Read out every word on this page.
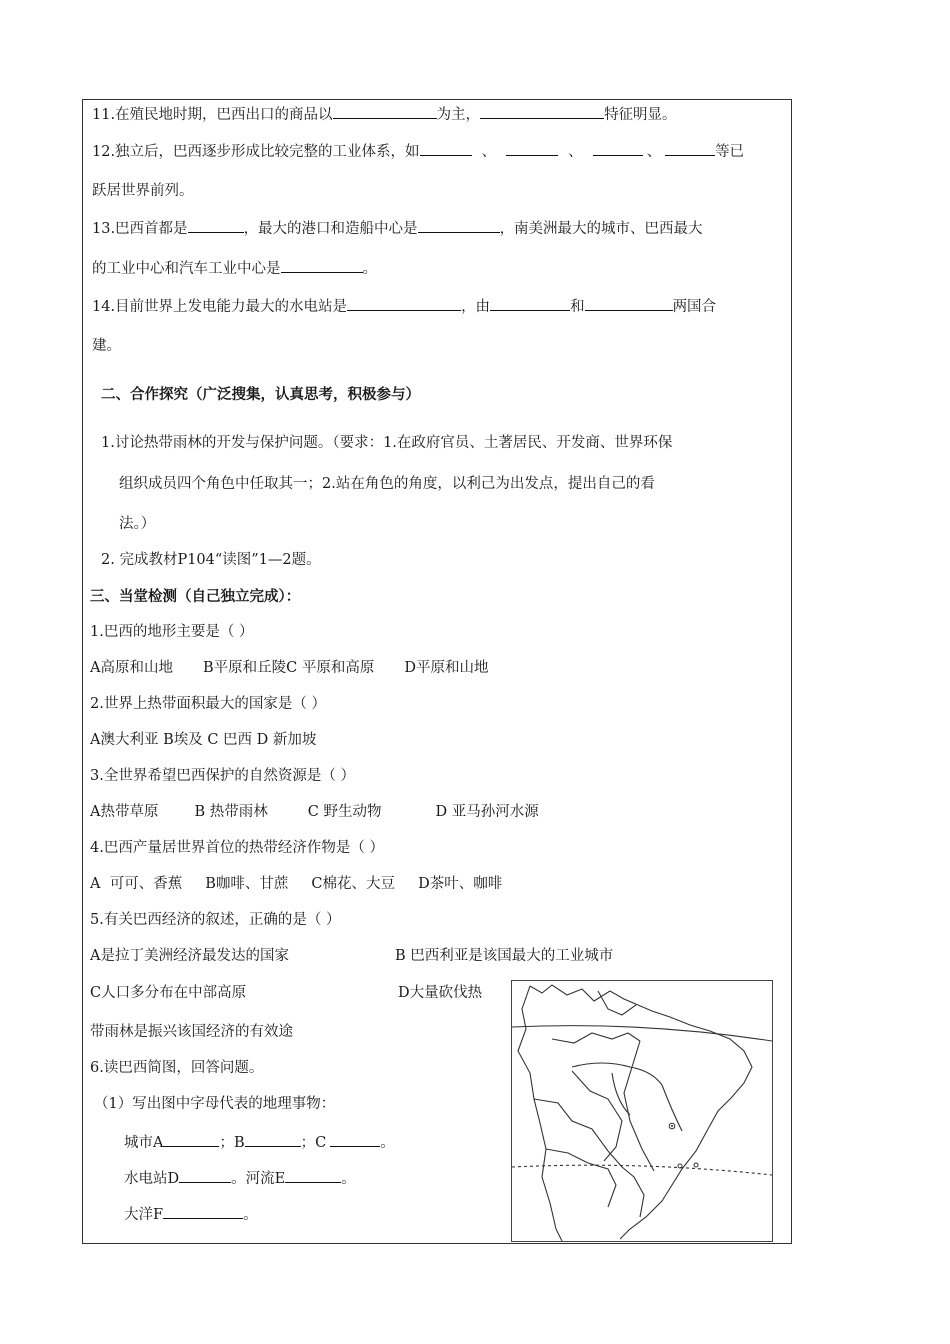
11.在殖民地时期，巴西出口的商品以	为主，	特征明显。
12.独立后，巴西逐步形成比较完整的工业体系，如	、	、	、	等已
跃居世界前列。
13.巴西首都是	，最大的港口和造船中心是	，南美洲最大的城市、巴西最大
的工业中心和汽车工业中心是	。
14.目前世界上发电能力最大的水电站是	，由	和	两国合
建。
二、合作探究（广泛搜集，认真思考，积极参与）
1.讨论热带雨林的开发与保护问题。（要求：1.在政府官员、土著居民、开发商、世界环保
组织成员四个角色中任取其一；2.站在角色的角度，以利己为出发点，提出自己的看
法。）
2. 完成教材P104“读图”1—2题。
三、当堂检测（自己独立完成）：
1.巴西的地形主要是（ ）
A高原和山地 B平原和丘陵C 平原和高原 D平原和山地
2.世界上热带面积最大的国家是（ ）
A澳大利亚 B埃及 C 巴西 D 新加坡
3.全世界希望巴西保护的自然资源是（ ）
A热带草原 B 热带雨林	C 野生动物	D 亚马孙河水源
4.巴西产量居世界首位的热带经济作物是（ ）
A  可可、香蕉     B咖啡、甘蔗     C棉花、大豆     D茶叶、咖啡
5.有关巴西经济的叙述，正确的是（ ）
A是拉丁美洲经济最发达的国家	B 巴西利亚是该国最大的工业城市
C人口多分布在中部高原	D大量砍伐热
带雨林是振兴该国经济的有效途
6.读巴西简图，回答问题。
（1）写出图中字母代表的地理事物：
城市A	；B	；C	。
水电站D	。河流E	。
大洋F	。
